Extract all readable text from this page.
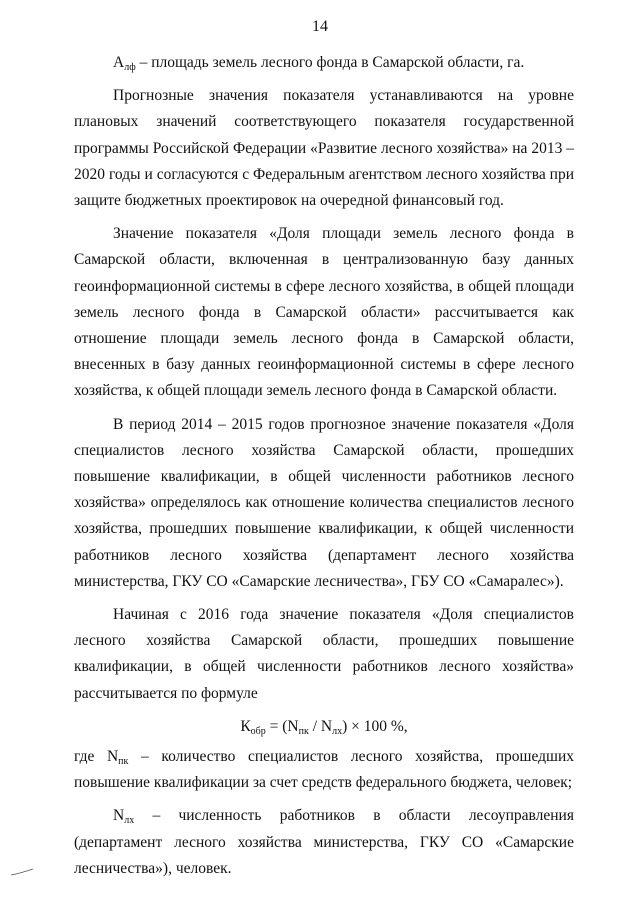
14

$А_{лф}$ – площадь земель лесного фонда в Самарской области, га.

Прогнозные значения показателя устанавливаются на уровне плановых значений соответствующего показателя государственной программы Российской Федерации «Развитие лесного хозяйства» на 2013 – 2020 годы и согласуются с Федеральным агентством лесного хозяйства при защите бюджетных проектировок на очередной финансовый год.

Значение показателя «Доля площади земель лесного фонда в Самарской области, включенная в централизованную базу данных геоинформационной системы в сфере лесного хозяйства, в общей площади земель лесного фонда в Самарской области» рассчитывается как отношение площади земель лесного фонда в Самарской области, внесенных в базу данных геоинформационной системы в сфере лесного хозяйства, к общей площади земель лесного фонда в Самарской области.

В период 2014 – 2015 годов прогнозное значение показателя «Доля специалистов лесного хозяйства Самарской области, прошедших повышение квалификации, в общей численности работников лесного хозяйства» определялось как отношение количества специалистов лесного хозяйства, прошедших повышение квалификации, к общей численности работников лесного хозяйства (департамент лесного хозяйства министерства, ГКУ СО «Самарские лесничества», ГБУ СО «Самаралес»).

Начиная с 2016 года значение показателя «Доля специалистов лесного хозяйства Самарской области, прошедших повышение квалификации, в общей численности работников лесного хозяйства» рассчитывается по формуле

$К_{обр} = (N_{пк} / N_{лх}) \times 100$ %,

где $N_{пк}$ – количество специалистов лесного хозяйства, прошедших повышение квалификации за счет средств федерального бюджета, человек;

$N_{лх}$ – численность работников в области лесоуправления (департамент лесного хозяйства министерства, ГКУ СО «Самарские лесничества»), человек.
